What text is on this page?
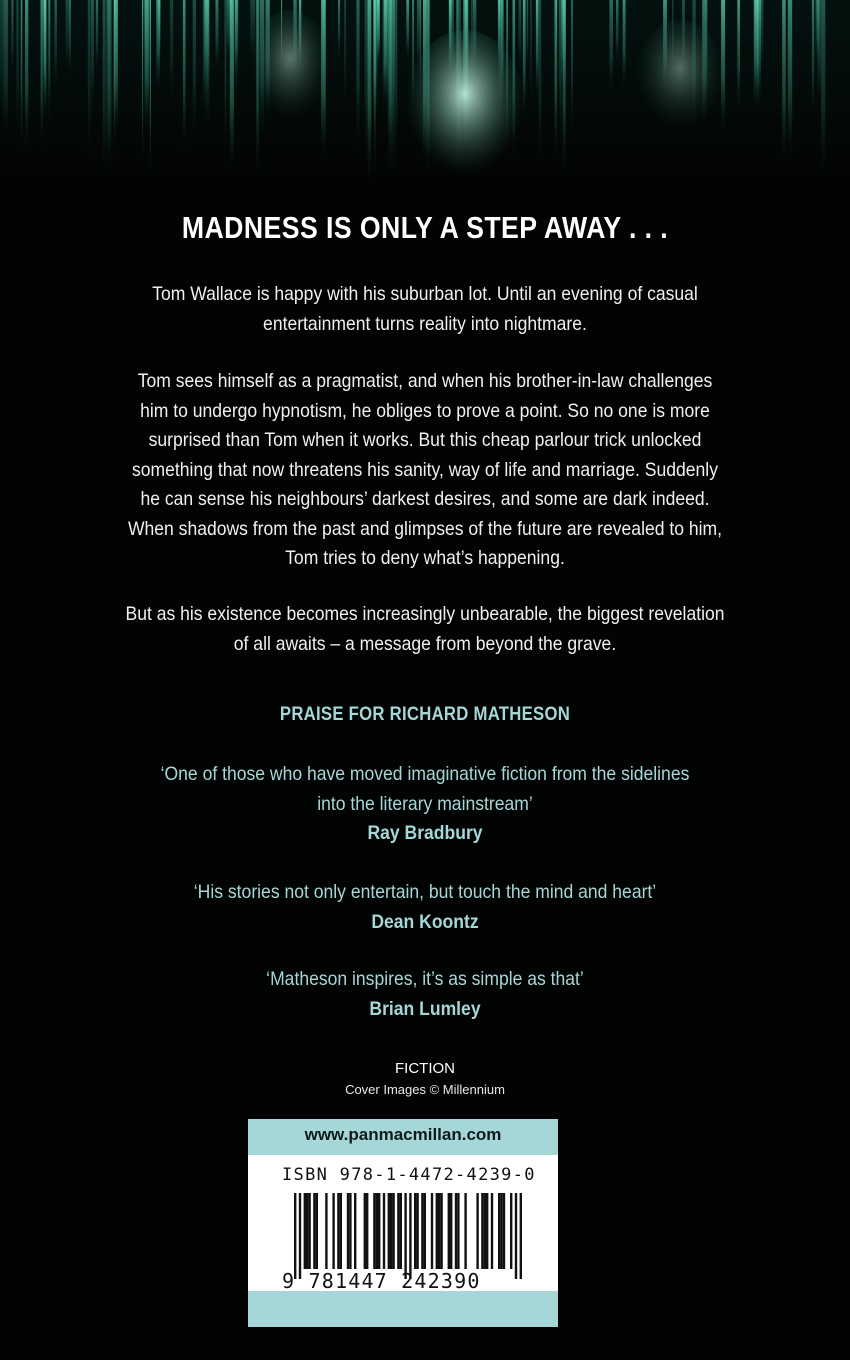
MADNESS IS ONLY A STEP AWAY . . .
Tom Wallace is happy with his suburban lot. Until an evening of casual
entertainment turns reality into nightmare.
Tom sees himself as a pragmatist, and when his brother-in-law challenges
him to undergo hypnotism, he obliges to prove a point. So no one is more
surprised than Tom when it works. But this cheap parlour trick unlocked
something that now threatens his sanity, way of life and marriage. Suddenly
he can sense his neighbours’ darkest desires, and some are dark indeed.
When shadows from the past and glimpses of the future are revealed to him,
Tom tries to deny what’s happening.
But as his existence becomes increasingly unbearable, the biggest revelation
of all awaits – a message from beyond the grave.
PRAISE FOR RICHARD MATHESON
‘One of those who have moved imaginative fiction from the sidelines
into the literary mainstream’
Ray Bradbury
‘His stories not only entertain, but touch the mind and heart’
Dean Koontz
‘Matheson inspires, it’s as simple as that’
Brian Lumley
FICTION
Cover Images © Millennium
www.panmacmillan.com
ISBN 978-1-4472-4239-0
9 781447 242390
